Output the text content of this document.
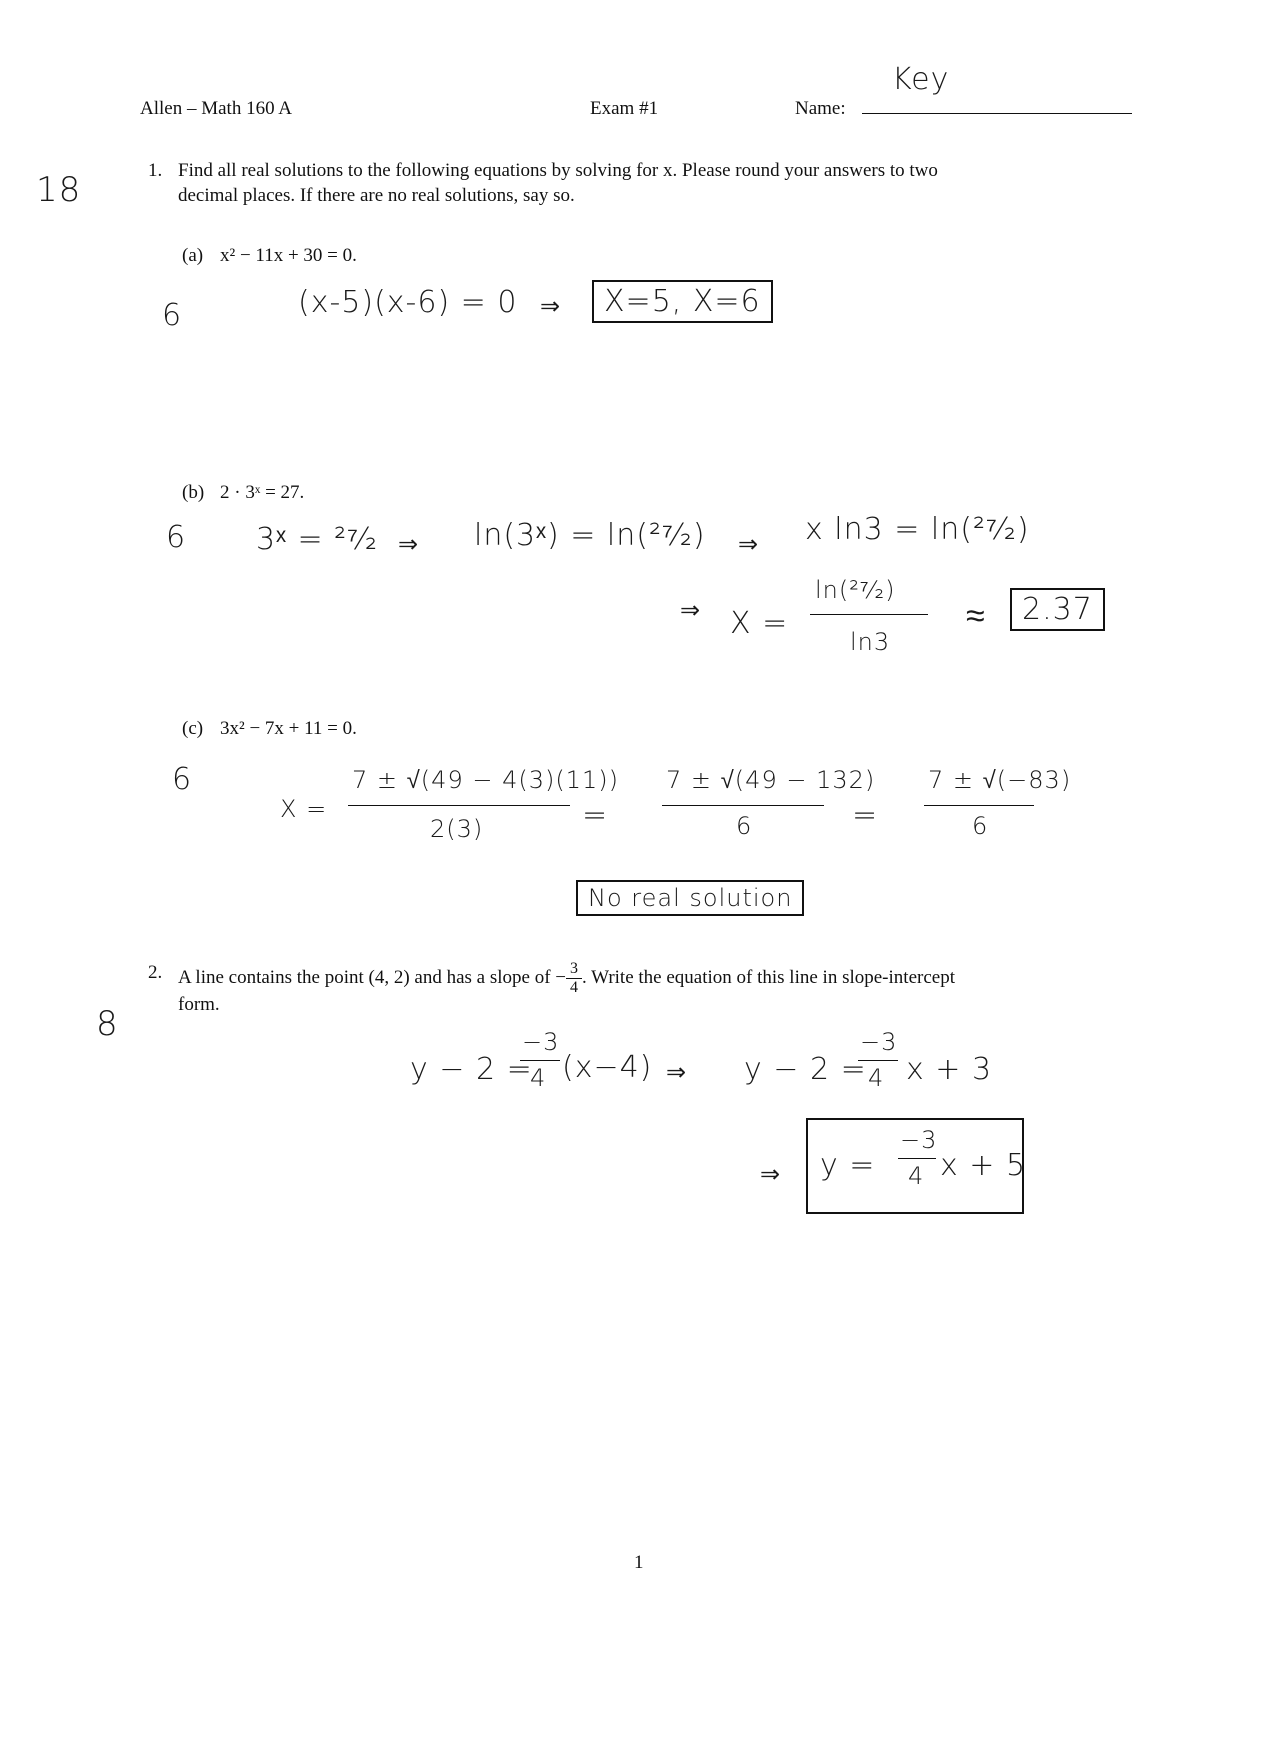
Allen – Math 160 A	Exam #1	Name:
Key
18
6
6
6
8
1. Find all real solutions to the following equations by solving for x. Please round your answers to two
decimal places. If there are no real solutions, say so.
(a) x² − 11x + 30 = 0.
(x-5)(x-6) = 0 ⇒	X=5, X=6
(b) 2 · 3ˣ = 27.
3ˣ = ²⁷⁄₂ ⇒ ln(3ˣ) = ln(²⁷⁄₂) ⇒ x ln3 = ln(²⁷⁄₂)
⇒ X =
ln(²⁷⁄₂)
ln3
≈	2.37
(c) 3x² − 7x + 11 = 0.
X =
7 ± √(49 − 4(3)(11))
2(3)	=
7 ± √(49 − 132)
6	=
7 ± √(−83)
6
No real solution
2. A line contains the point (4, 2) and has a slope of − $\frac{3}{4}$ . Write the equation of this line in slope-intercept
form.
y − 2 =
−3
4 (x−4) ⇒ y − 2 =
−3
4 x + 3
⇒ y =
−3
4 x + 5
1
